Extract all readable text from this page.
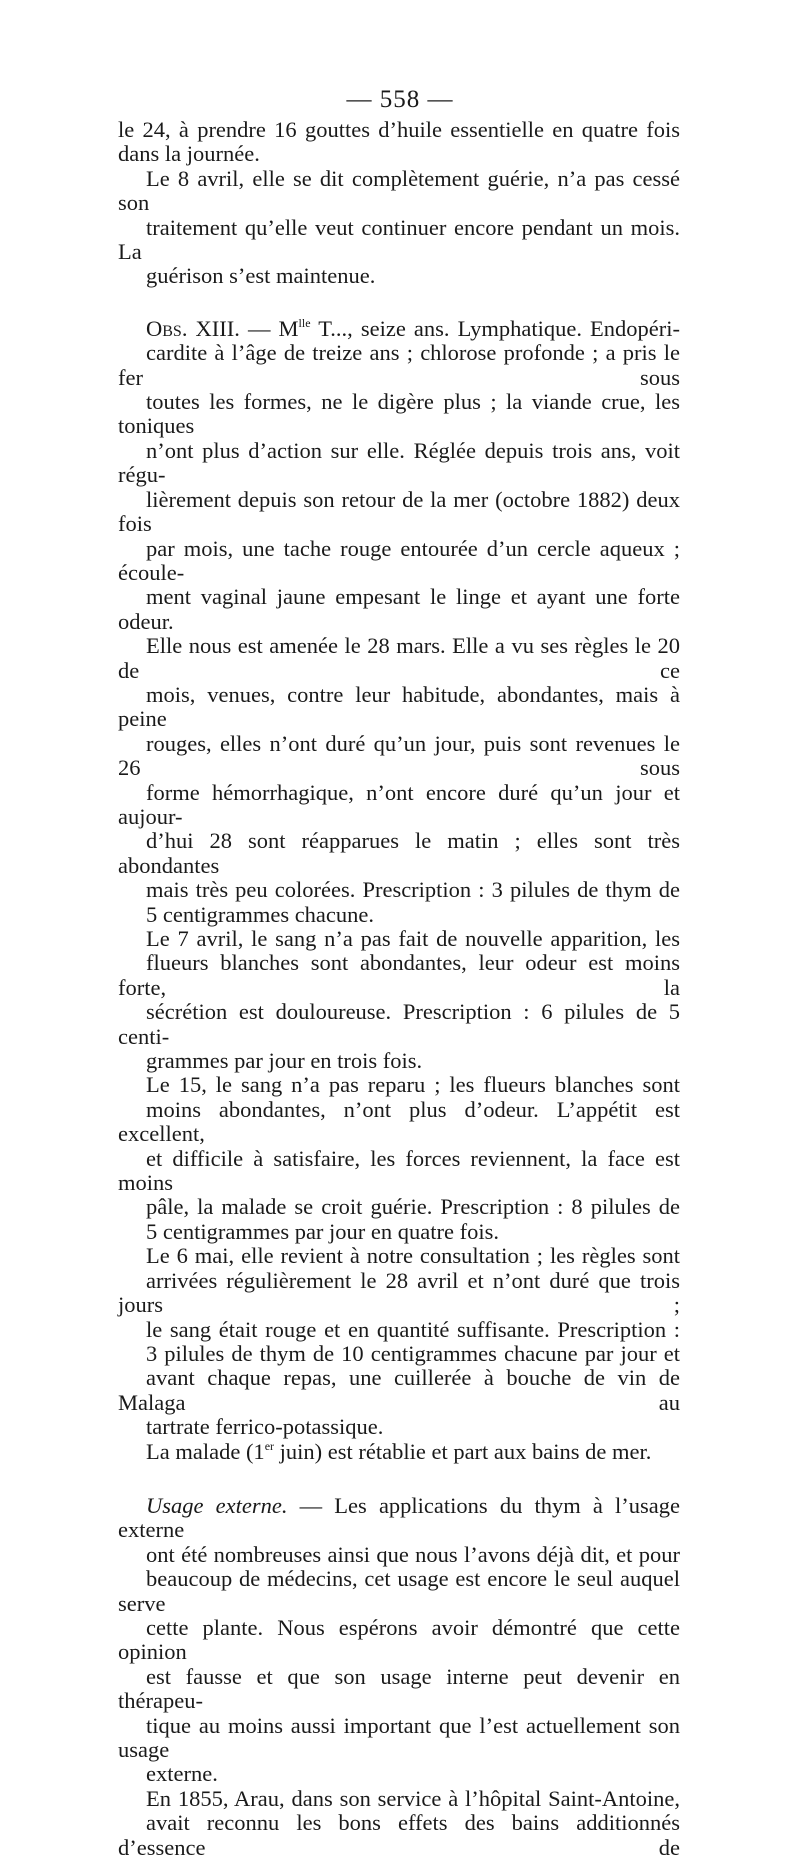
— 558 —

le 24, à prendre 16 gouttes d’huile essentielle en quatre fois
dans la journée.

Le 8 avril, elle se dit complètement guérie, n’a pas cessé son
traitement qu’elle veut continuer encore pendant un mois. La
guérison s’est maintenue.

Obs. XIII. — $M^{lle}$ T..., seize ans. Lymphatique. Endopéri-
cardite à l’âge de treize ans ; chlorose profonde ; a pris le fer sous
toutes les formes, ne le digère plus ; la viande crue, les toniques
n’ont plus d’action sur elle. Réglée depuis trois ans, voit régu-
lièrement depuis son retour de la mer (octobre 1882) deux fois
par mois, une tache rouge entourée d’un cercle aqueux ; écoule-
ment vaginal jaune empesant le linge et ayant une forte odeur.
Elle nous est amenée le 28 mars. Elle a vu ses règles le 20 de ce
mois, venues, contre leur habitude, abondantes, mais à peine
rouges, elles n’ont duré qu’un jour, puis sont revenues le 26 sous
forme hémorrhagique, n’ont encore duré qu’un jour et aujour-
d’hui 28 sont réapparues le matin ; elles sont très abondantes
mais très peu colorées. Prescription : 3 pilules de thym de
5 centigrammes chacune.

Le 7 avril, le sang n’a pas fait de nouvelle apparition, les
flueurs blanches sont abondantes, leur odeur est moins forte, la
sécrétion est douloureuse. Prescription : 6 pilules de 5 centi-
grammes par jour en trois fois.

Le 15, le sang n’a pas reparu ; les flueurs blanches sont
moins abondantes, n’ont plus d’odeur. L’appétit est excellent,
et difficile à satisfaire, les forces reviennent, la face est moins
pâle, la malade se croit guérie. Prescription : 8 pilules de
5 centigrammes par jour en quatre fois.

Le 6 mai, elle revient à notre consultation ; les règles sont
arrivées régulièrement le 28 avril et n’ont duré que trois jours ;
le sang était rouge et en quantité suffisante. Prescription :
3 pilules de thym de 10 centigrammes chacune par jour et
avant chaque repas, une cuillerée à bouche de vin de Malaga au
tartrate ferrico-potassique.

La malade (1er juin) est rétablie et part aux bains de mer.

Usage externe. — Les applications du thym à l’usage externe
ont été nombreuses ainsi que nous l’avons déjà dit, et pour
beaucoup de médecins, cet usage est encore le seul auquel serve
cette plante. Nous espérons avoir démontré que cette opinion
est fausse et que son usage interne peut devenir en thérapeu-
tique au moins aussi important que l’est actuellement son usage
externe.

En 1855, Arau, dans son service à l’hôpital Saint-Antoine,
avait reconnu les bons effets des bains additionnés d’essence de
